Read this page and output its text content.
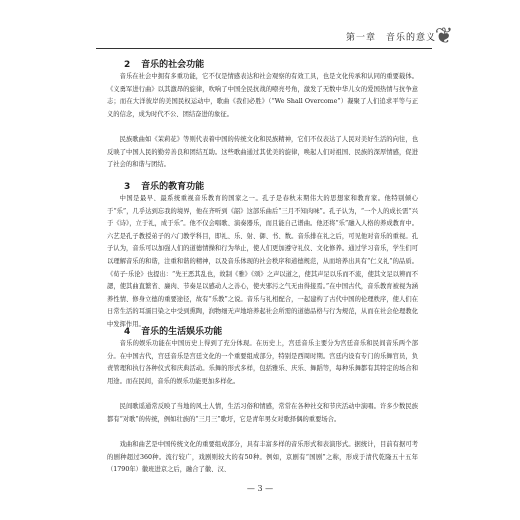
第一章　音乐的意义
❦
2 音乐的社会功能

音乐在社会中拥有多重功能，它不仅是情感表达和社会观察的有效工具，也是文化传承和认同的重要载体。《义勇军进行曲》以其激昂的旋律，吹响了中国全民抗战的嘹亮号角，激发了无数中华儿女的爱国热情与抗争意志；而在大洋彼岸的美国民权运动中，歌曲《我们必胜》（“We Shall Overcome”）凝聚了人们追求平等与正义的信念，成为时代不公、团结奋进的象征。

民族歌曲如《茉莉花》等则代表着中国的传统文化和民族精神，它们不仅表达了人民对美好生活的向往，也反映了中国人民的勤劳善良和团结互助。这些歌曲通过其优美的旋律，唤起人们对祖国、民族的深厚情感，促进了社会的和谐与团结。

3 音乐的教育功能

中国是最早、最系统重视音乐教育的国家之一。孔子是春秋末期伟大的思想家和教育家。他特别倾心于“乐”，几乎达到忘我的境界，他在齐听到《韶》这部乐曲后“三月不知肉味”。孔子认为，“一个人的成长需“兴于《诗》，立于礼，成于乐”。他不仅会唱歌、演奏器乐，而且能自己谱曲。他还将“乐”融入人格的养成教育中。六艺是孔子教授弟子的六门教学科目，即礼、乐、射、御、书、数。音乐排在礼之后，可见他对音乐的重视。孔子认为，音乐可以加强人们的道德情操和行为举止，使人们更加遵守礼仪、文化修养。通过学习音乐，学生们可以理解音乐的和谐，注重和谐的精神，以及音乐体现的社会秩序和道德规范，从而培养出具有“仁义礼”的品质。《荀子·乐论》也提出：“先王恶其乱也，故制《雅》《颂》之声以道之，使其声足以乐而不流，使其文足以辨而不諰，使其曲直繁省、廉肉、节奏足以感动人之善心，使夫邪污之气无由得接焉。”在中国古代，音乐教育被视为涵养性情、修身立德的重要途径，故有“乐教”之说。音乐与礼相配合，一起建构了古代中国的伦理秩序，使人们在日常生活的耳濡目染之中受到熏陶，润物细无声地培养起社会所需的道德品格与行为规范，从而在社会伦理教化中发挥作用。

4 音乐的生活娱乐功能

音乐的娱乐功能在中国历史上得到了充分体现。在历史上，宫廷音乐主要分为宫廷音乐和民间音乐两个部分。在中国古代，宫廷音乐是宫廷文化的一个重要组成部分，特别是西周时期。宫廷内设有专门的乐舞官员，负责管理和执行各种仪式和庆典活动。乐舞的形式多样，包括雅乐、庆乐、舞蹈等，每种乐舞都有其特定的场合和用途。而在民间，音乐的娱乐功能更加多样化。

民间歌谣通常反映了当地的风土人情，生活习俗和情感，常常在各种社交和节庆活动中演唱。许多少数民族都有“对歌”的传统，例如壮族的“三月三”歌圩，它是青年男女对歌择偶的重要场合。

戏曲和曲艺是中国传统文化的重要组成部分，具有丰富多样的音乐形式和表演形式。据统计，目前有据可考的剧种超过360种。流行较广，戏剧则较大的有50种。例如，京剧有“国剧”之称，形成于清代乾隆五十五年（1790年）徽班进京之后，融合了徽、汉、

— 3 —
